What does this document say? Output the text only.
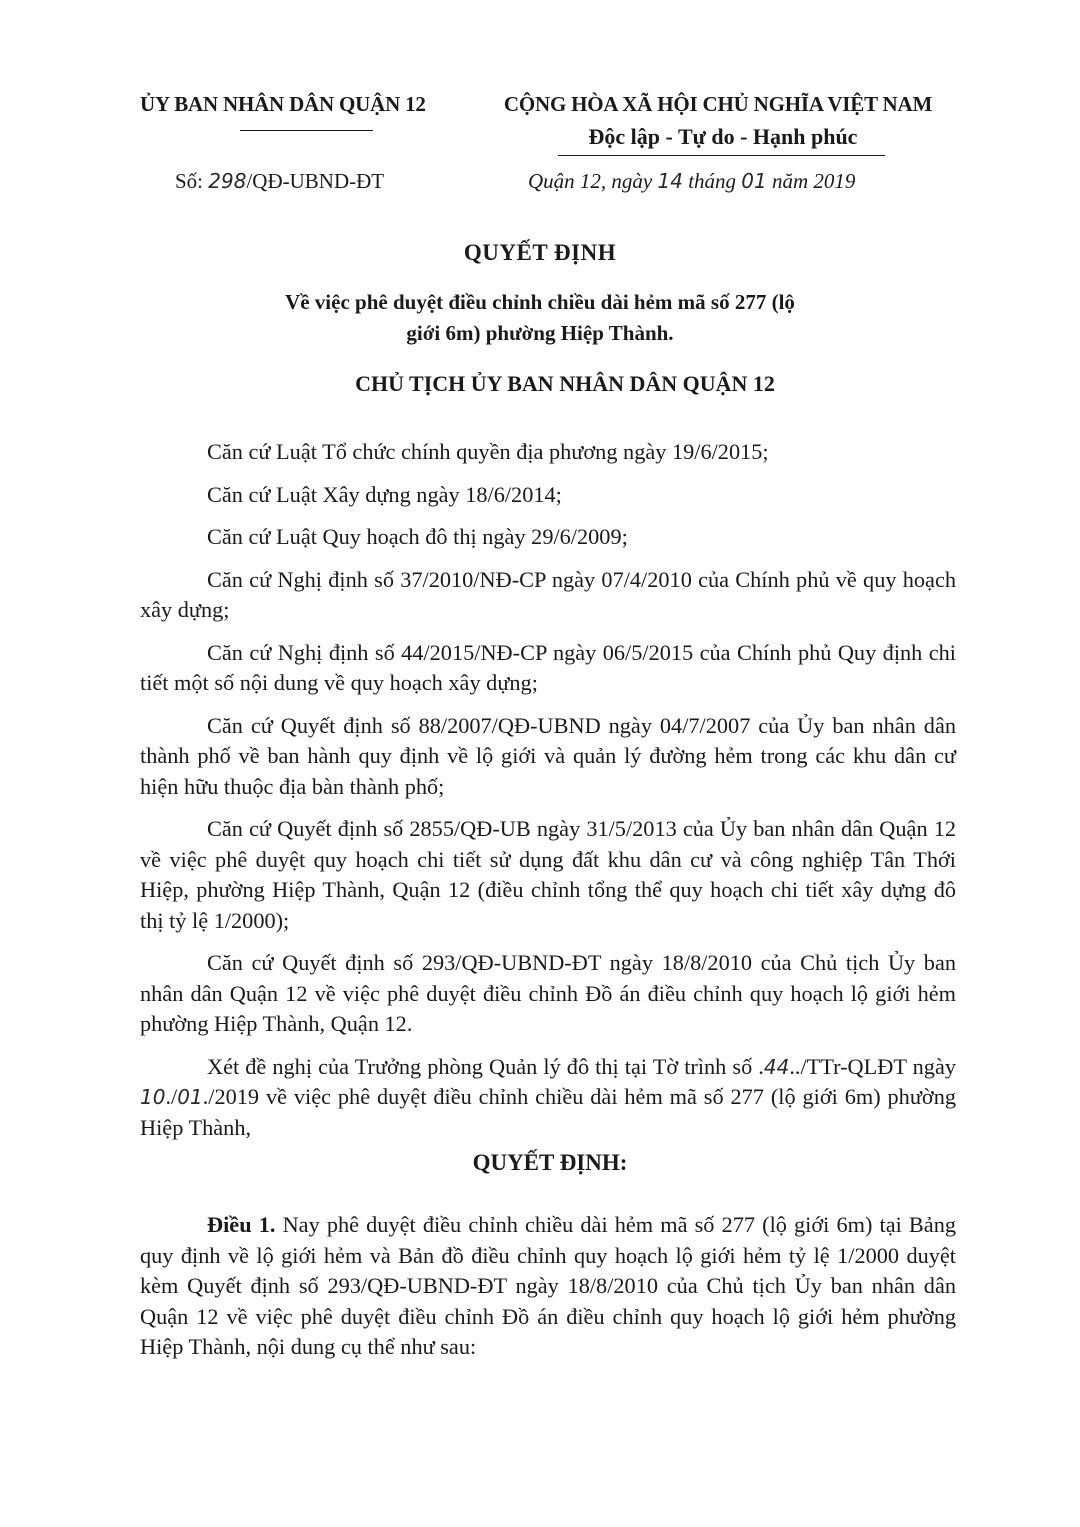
ỦY BAN NHÂN DÂN QUẬN 12	CỘNG HÒA XÃ HỘI CHỦ NGHĨA VIỆT NAM
Độc lập - Tự do - Hạnh phúc
Số: 298/QĐ-UBND-ĐT	Quận 12, ngày 14 tháng 01 năm 2019
QUYẾT ĐỊNH
Về việc phê duyệt điều chỉnh chiều dài hẻm mã số 277 (lộ
giới 6m) phường Hiệp Thành.
CHỦ TỊCH ỦY BAN NHÂN DÂN QUẬN 12

Căn cứ Luật Tổ chức chính quyền địa phương ngày 19/6/2015;

Căn cứ Luật Xây dựng ngày 18/6/2014;

Căn cứ Luật Quy hoạch đô thị ngày 29/6/2009;

Căn cứ Nghị định số 37/2010/NĐ-CP ngày 07/4/2010 của Chính phủ về quy hoạch xây dựng;

Căn cứ Nghị định số 44/2015/NĐ-CP ngày 06/5/2015 của Chính phủ Quy định chi tiết một số nội dung về quy hoạch xây dựng;

Căn cứ Quyết định số 88/2007/QĐ-UBND ngày 04/7/2007 của Ủy ban nhân dân thành phố về ban hành quy định về lộ giới và quản lý đường hẻm trong các khu dân cư hiện hữu thuộc địa bàn thành phố;

Căn cứ Quyết định số 2855/QĐ-UB ngày 31/5/2013 của Ủy ban nhân dân Quận 12 về việc phê duyệt quy hoạch chi tiết sử dụng đất khu dân cư và công nghiệp Tân Thới Hiệp, phường Hiệp Thành, Quận 12 (điều chỉnh tổng thể quy hoạch chi tiết xây dựng đô thị tỷ lệ 1/2000);

Căn cứ Quyết định số 293/QĐ-UBND-ĐT ngày 18/8/2010 của Chủ tịch Ủy ban nhân dân Quận 12 về việc phê duyệt điều chỉnh Đồ án điều chỉnh quy hoạch lộ giới hẻm phường Hiệp Thành, Quận 12.

Xét đề nghị của Trưởng phòng Quản lý đô thị tại Tờ trình số .44../TTr-QLĐT ngày 10./01./2019 về việc phê duyệt điều chỉnh chiều dài hẻm mã số 277 (lộ giới 6m) phường Hiệp Thành,

QUYẾT ĐỊNH:

Điều 1. Nay phê duyệt điều chỉnh chiều dài hẻm mã số 277 (lộ giới 6m) tại Bảng quy định về lộ giới hẻm và Bản đồ điều chỉnh quy hoạch lộ giới hẻm tỷ lệ 1/2000 duyệt kèm Quyết định số 293/QĐ-UBND-ĐT ngày 18/8/2010 của Chủ tịch Ủy ban nhân dân Quận 12 về việc phê duyệt điều chỉnh Đồ án điều chỉnh quy hoạch lộ giới hẻm phường Hiệp Thành, nội dung cụ thể như sau:
